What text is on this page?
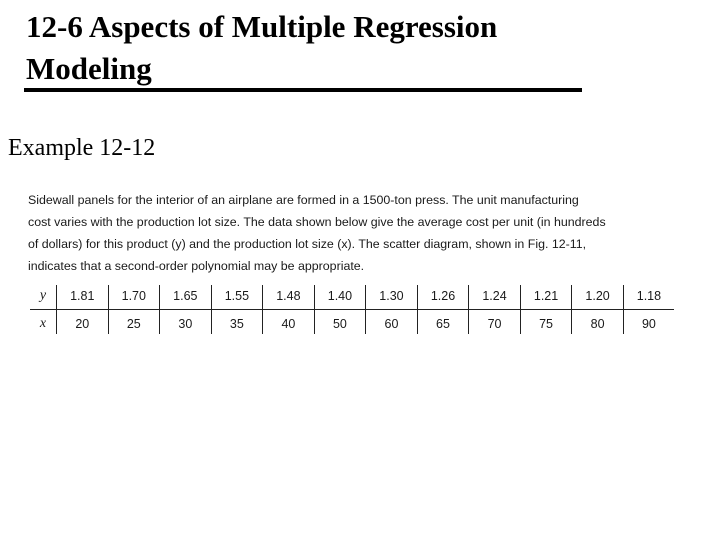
12-6 Aspects of Multiple Regression
Modeling
Example 12-12
Sidewall panels for the interior of an airplane are formed in a 1500-ton press. The unit manufacturing
cost varies with the production lot size. The data shown below give the average cost per unit (in hundreds
of dollars) for this product (y) and the production lot size (x). The scatter diagram, shown in Fig. 12-11,
indicates that a second-order polynomial may be appropriate.
y	1.81	1.70	1.65	1.55	1.48	1.40	1.30	1.26	1.24	1.21	1.20	1.18
x	20	25	30	35	40	50	60	65	70	75	80	90
